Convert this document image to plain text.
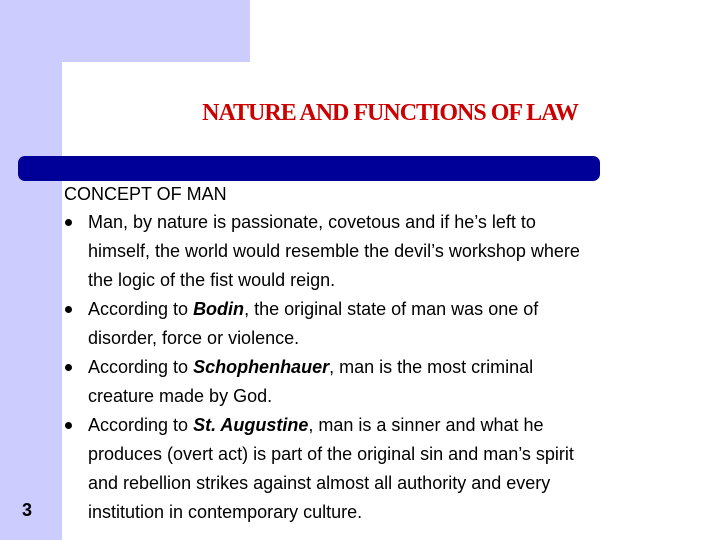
NATURE AND FUNCTIONS OF LAW
CONCEPT OF MAN
Man, by nature is passionate, covetous and if he’s left to
himself, the world would resemble the devil’s workshop where
the logic of the fist would reign.
According to Bodin, the original state of man was one of
disorder, force or violence.
According to Schophenhauer, man is the most criminal
creature made by God.
According to St. Augustine, man is a sinner and what he
produces (overt act) is part of the original sin and man’s spirit
and rebellion strikes against almost all authority and every
institution in contemporary culture.
3
